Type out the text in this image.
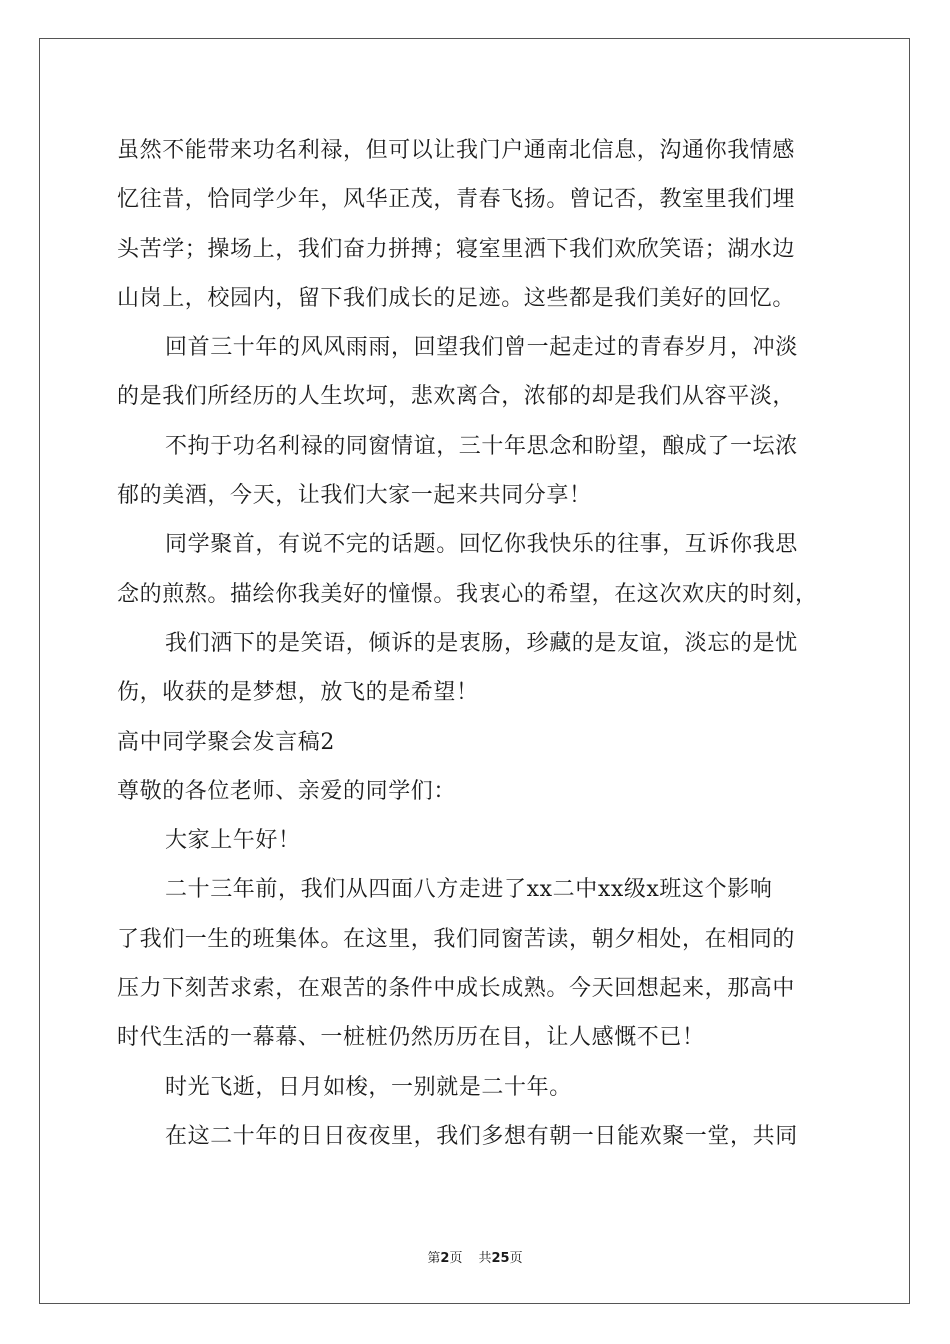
虽然不能带来功名利禄，但可以让我门户通南北信息，沟通你我情感
忆往昔，恰同学少年，风华正茂，青春飞扬。曾记否，教室里我们埋
头苦学；操场上，我们奋力拼搏；寝室里洒下我们欢欣笑语；湖水边
山岗上，校园内，留下我们成长的足迹。这些都是我们美好的回忆。
回首三十年的风风雨雨，回望我们曾一起走过的青春岁月，冲淡
的是我们所经历的人生坎坷，悲欢离合，浓郁的却是我们从容平淡，
不拘于功名利禄的同窗情谊，三十年思念和盼望，酿成了一坛浓
郁的美酒，今天，让我们大家一起来共同分享！
同学聚首，有说不完的话题。回忆你我快乐的往事，互诉你我思
念的煎熬。描绘你我美好的憧憬。我衷心的希望，在这次欢庆的时刻，
我们洒下的是笑语，倾诉的是衷肠，珍藏的是友谊，淡忘的是忧
伤，收获的是梦想，放飞的是希望！
高中同学聚会发言稿2
尊敬的各位老师、亲爱的同学们：
大家上午好！
二十三年前，我们从四面八方走进了xx二中xx级x班这个影响
了我们一生的班集体。在这里，我们同窗苦读，朝夕相处，在相同的
压力下刻苦求索，在艰苦的条件中成长成熟。今天回想起来，那高中
时代生活的一幕幕、一桩桩仍然历历在目，让人感慨不已！
时光飞逝，日月如梭，一别就是二十年。
在这二十年的日日夜夜里，我们多想有朝一日能欢聚一堂，共同
第2页 共25页
